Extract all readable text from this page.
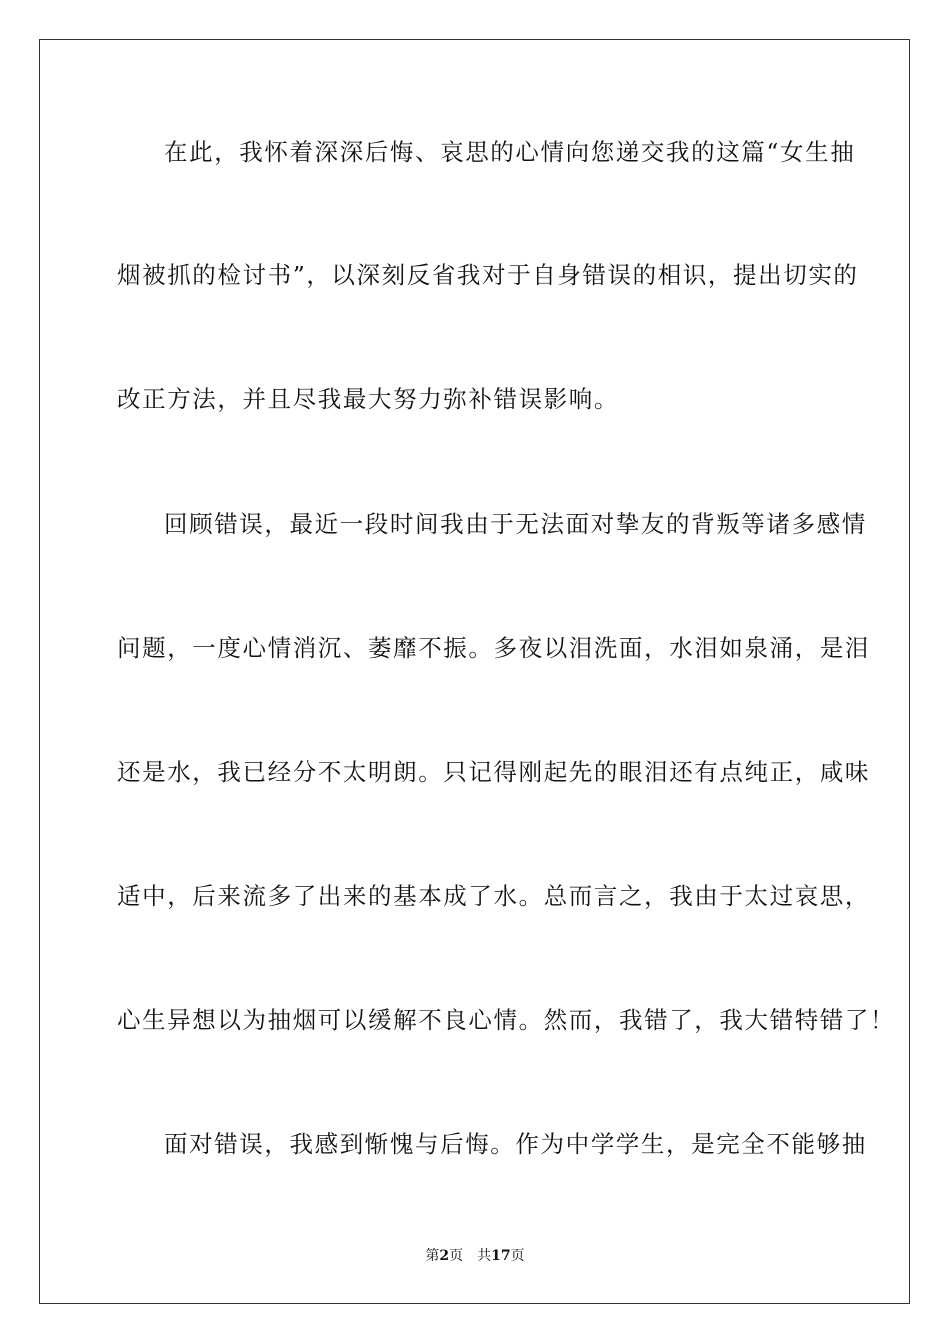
在此，我怀着深深后悔、哀思的心情向您递交我的这篇“女生抽
烟被抓的检讨书”，以深刻反省我对于自身错误的相识，提出切实的
改正方法，并且尽我最大努力弥补错误影响。
回顾错误，最近一段时间我由于无法面对挚友的背叛等诸多感情
问题，一度心情消沉、萎靡不振。多夜以泪洗面，水泪如泉涌，是泪
还是水，我已经分不太明朗。只记得刚起先的眼泪还有点纯正，咸味
适中，后来流多了出来的基本成了水。总而言之，我由于太过哀思，
心生异想以为抽烟可以缓解不良心情。然而，我错了，我大错特错了！
面对错误，我感到惭愧与后悔。作为中学学生，是完全不能够抽
第2页　共17页
